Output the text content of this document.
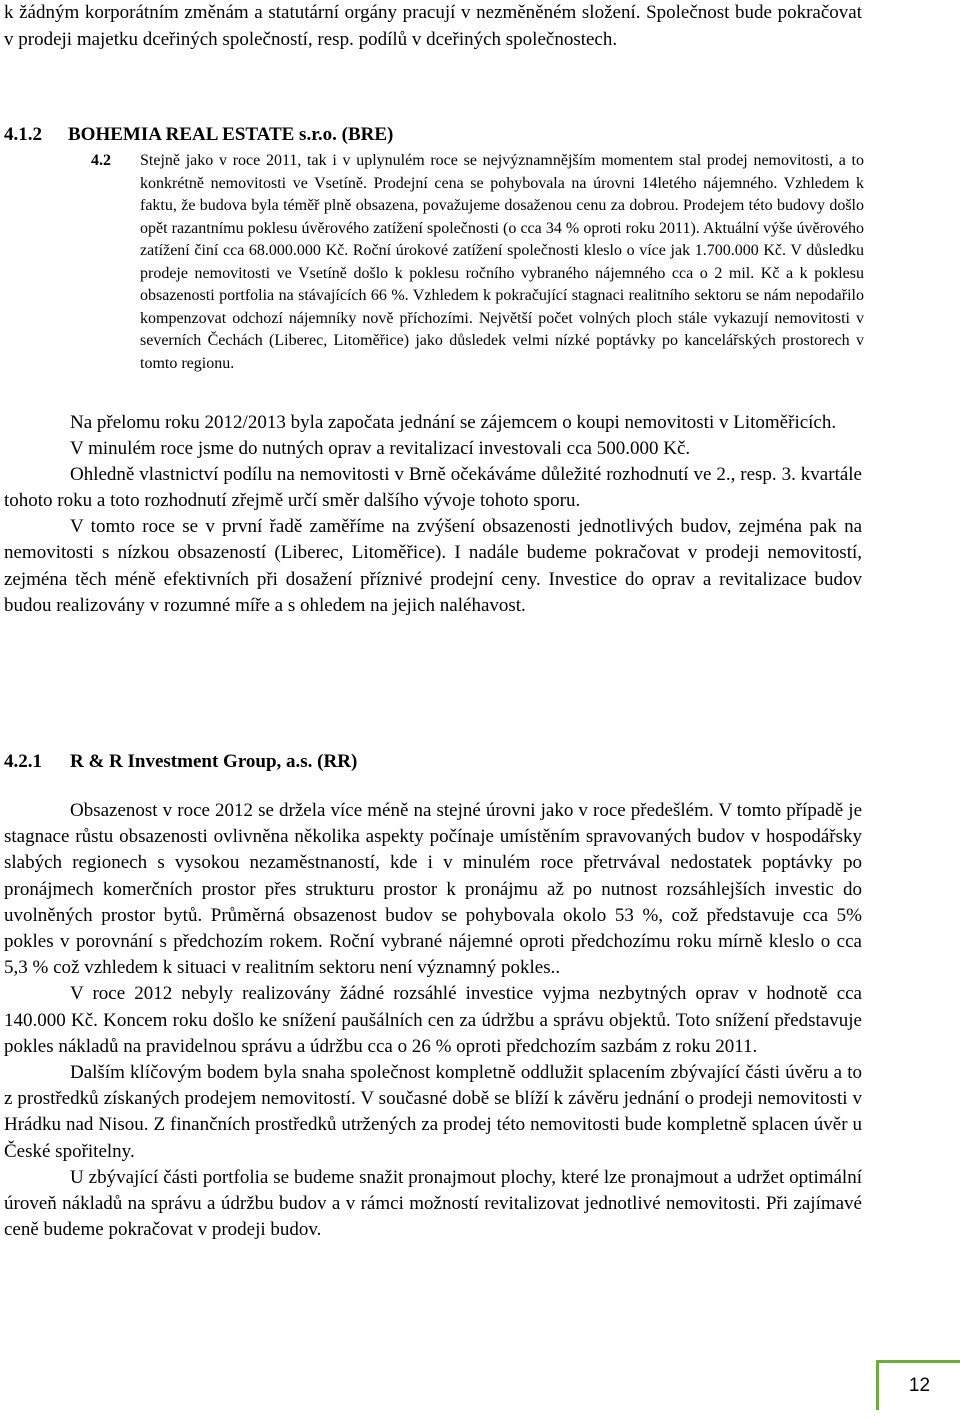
k žádným korporátním změnám a statutární orgány pracují v nezměněném složení. Společnost bude pokračovat v prodeji majetku dceřiných společností, resp. podílů v dceřiných společnostech.

4.1.2 BOHEMIA REAL ESTATE s.r.o. (BRE)
4.2 Stejně jako v roce 2011, tak i v uplynulém roce se nejvýznamnějším momentem stal prodej nemovitosti, a to konkrétně nemovitosti ve Vsetíně. Prodejní cena se pohybovala na úrovni 14letého nájemného. Vzhledem k faktu, že budova byla téměř plně obsazena, považujeme dosaženou cenu za dobrou. Prodejem této budovy došlo opět razantnímu poklesu úvěrového zatížení společnosti (o cca 34 % oproti roku 2011). Aktuální výše úvěrového zatížení činí cca 68.000.000 Kč. Roční úrokové zatížení společnosti kleslo o více jak 1.700.000 Kč. V důsledku prodeje nemovitosti ve Vsetíně došlo k poklesu ročního vybraného nájemného cca o 2 mil. Kč a k poklesu obsazenosti portfolia na stávajících 66 %. Vzhledem k pokračující stagnaci realitního sektoru se nám nepodařilo kompenzovat odchozí nájemníky nově příchozími. Největší počet volných ploch stále vykazují nemovitosti v severních Čechách (Liberec, Litoměřice) jako důsledek velmi nízké poptávky po kancelářských prostorech v tomto regionu.

Na přelomu roku 2012/2013 byla započata jednání se zájemcem o koupi nemovitosti v Litoměřicích.

V minulém roce jsme do nutných oprav a revitalizací investovali cca 500.000 Kč.

Ohledně vlastnictví podílu na nemovitosti v Brně očekáváme důležité rozhodnutí ve 2., resp. 3. kvartále tohoto roku a toto rozhodnutí zřejmě určí směr dalšího vývoje tohoto sporu.

V tomto roce se v první řadě zaměříme na zvýšení obsazenosti jednotlivých budov, zejména pak na nemovitosti s nízkou obsazeností (Liberec, Litoměřice). I nadále budeme pokračovat v prodeji nemovitostí, zejména těch méně efektivních při dosažení příznivé prodejní ceny. Investice do oprav a revitalizace budov budou realizovány v rozumné míře a s ohledem na jejich naléhavost.

4.2.1 R & R Investment Group, a.s. (RR)

Obsazenost v roce 2012 se držela více méně na stejné úrovni jako v roce předešlém. V tomto případě je stagnace růstu obsazenosti ovlivněna několika aspekty počínaje umístěním spravovaných budov v hospodářsky slabých regionech s vysokou nezaměstnaností, kde i v minulém roce přetrvával nedostatek poptávky po pronájmech komerčních prostor přes strukturu prostor k pronájmu až po nutnost rozsáhlejších investic do uvolněných prostor bytů. Průměrná obsazenost budov se pohybovala okolo 53 %, což představuje cca 5% pokles v porovnání s předchozím rokem. Roční vybrané nájemné oproti předchozímu roku mírně kleslo o cca 5,3 % což vzhledem k situaci v realitním sektoru není významný pokles..

V roce 2012 nebyly realizovány žádné rozsáhlé investice vyjma nezbytných oprav v hodnotě cca 140.000 Kč. Koncem roku došlo ke snížení paušálních cen za údržbu a správu objektů. Toto snížení představuje pokles nákladů na pravidelnou správu a údržbu cca o 26 % oproti předchozím sazbám z roku 2011.

Dalším klíčovým bodem byla snaha společnost kompletně oddlužit splacením zbývající části úvěru a to z prostředků získaných prodejem nemovitostí. V současné době se blíží k závěru jednání o prodeji nemovitosti v Hrádku nad Nisou. Z finančních prostředků utržených za prodej této nemovitosti bude kompletně splacen úvěr u České spořitelny.

U zbývající části portfolia se budeme snažit pronajmout plochy, které lze pronajmout a udržet optimální úroveň nákladů na správu a údržbu budov a v rámci možností revitalizovat jednotlivé nemovitosti. Při zajímavé ceně budeme pokračovat v prodeji budov.

12
